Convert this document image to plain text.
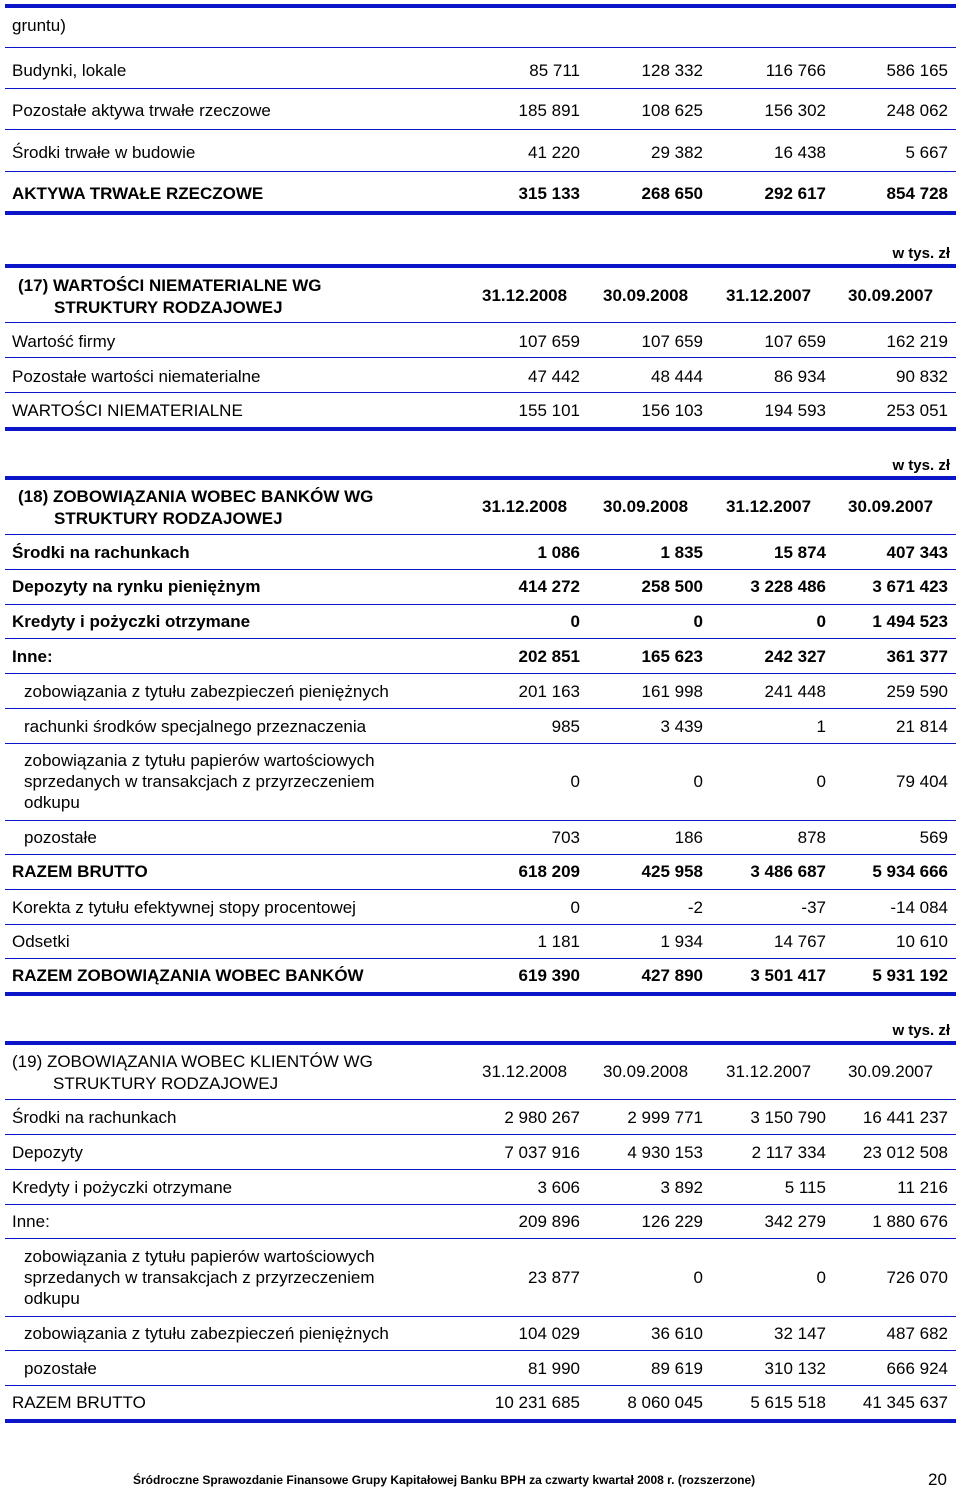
gruntu)
Budynki, lokale	85 711	128 332	116 766	586 165
Pozostałe aktywa trwałe rzeczowe	185 891	108 625	156 302	248 062
Środki trwałe w budowie	41 220	29 382	16 438	5 667
AKTYWA TRWAŁE RZECZOWE	315 133	268 650	292 617	854 728
w tys. zł
(17) WARTOŚCI NIEMATERIALNE WG
STRUKTURY RODZAJOWEJ
31.12.2008	30.09.2008	31.12.2007	30.09.2007
Wartość firmy	107 659	107 659	107 659	162 219
Pozostałe wartości niematerialne	47 442	48 444	86 934	90 832
WARTOŚCI NIEMATERIALNE	155 101	156 103	194 593	253 051
w tys. zł
(18) ZOBOWIĄZANIA WOBEC BANKÓW WG
STRUKTURY RODZAJOWEJ
31.12.2008	30.09.2008	31.12.2007	30.09.2007
Środki na rachunkach	1 086	1 835	15 874	407 343
Depozyty na rynku pieniężnym	414 272	258 500	3 228 486	3 671 423
Kredyty i pożyczki otrzymane	0	0	0	1 494 523
Inne:	202 851	165 623	242 327	361 377
zobowiązania z tytułu zabezpieczeń pieniężnych	201 163	161 998	241 448	259 590
rachunki środków specjalnego przeznaczenia	985	3 439	1	21 814
zobowiązania z tytułu papierów wartościowych
sprzedanych w transakcjach z przyrzeczeniem
odkupu
0	0	0	79 404
pozostałe	703	186	878	569
RAZEM BRUTTO	618 209	425 958	3 486 687	5 934 666
Korekta z tytułu efektywnej stopy procentowej	0	-2	-37	-14 084
Odsetki	1 181	1 934	14 767	10 610
RAZEM ZOBOWIĄZANIA WOBEC BANKÓW	619 390	427 890	3 501 417	5 931 192
w tys. zł
(19) ZOBOWIĄZANIA WOBEC KLIENTÓW WG
STRUKTURY RODZAJOWEJ
31.12.2008	30.09.2008	31.12.2007	30.09.2007
Środki na rachunkach	2 980 267	2 999 771	3 150 790	16 441 237
Depozyty	7 037 916	4 930 153	2 117 334	23 012 508
Kredyty i pożyczki otrzymane	3 606	3 892	5 115	11 216
Inne:	209 896	126 229	342 279	1 880 676
zobowiązania z tytułu papierów wartościowych
sprzedanych w transakcjach z przyrzeczeniem
odkupu
23 877	0	0	726 070
zobowiązania z tytułu zabezpieczeń pieniężnych	104 029	36 610	32 147	487 682
pozostałe	81 990	89 619	310 132	666 924
RAZEM BRUTTO	10 231 685	8 060 045	5 615 518	41 345 637
Śródroczne Sprawozdanie Finansowe Grupy Kapitałowej Banku BPH za czwarty kwartał 2008 r. (rozszerzone)	20
